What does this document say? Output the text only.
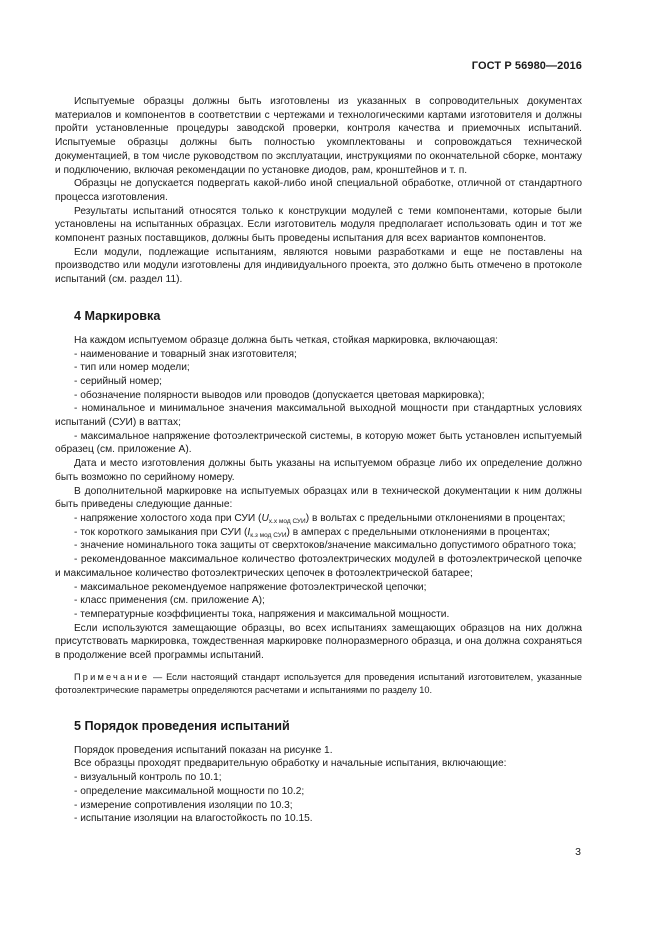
ГОСТ Р 56980—2016

Испытуемые образцы должны быть изготовлены из указанных в сопроводительных документах материалов и компонентов в соответствии с чертежами и технологическими картами изготовителя и должны пройти установленные процедуры заводской проверки, контроля качества и приемочных испытаний. Испытуемые образцы должны быть полностью укомплектованы и сопровождаться технической документацией, в том числе руководством по эксплуатации, инструкциями по окончательной сборке, монтажу и подключению, включая рекомендации по установке диодов, рам, кронштейнов и т. п.

Образцы не допускается подвергать какой-либо иной специальной обработке, отличной от стандартного процесса изготовления.

Результаты испытаний относятся только к конструкции модулей с теми компонентами, которые были установлены на испытанных образцах. Если изготовитель модуля предполагает использовать один и тот же компонент разных поставщиков, должны быть проведены испытания для всех вариантов компонентов.

Если модули, подлежащие испытаниям, являются новыми разработками и еще не поставлены на производство или модули изготовлены для индивидуального проекта, это должно быть отмечено в протоколе испытаний (см. раздел 11).

4 Маркировка

На каждом испытуемом образце должна быть четкая, стойкая маркировка, включающая:

- наименование и товарный знак изготовителя;

- тип или номер модели;

- серийный номер;

- обозначение полярности выводов или проводов (допускается цветовая маркировка);

- номинальное и минимальное значения максимальной выходной мощности при стандартных условиях испытаний (СУИ) в ваттах;

- максимальное напряжение фотоэлектрической системы, в которую может быть установлен испытуемый образец (см. приложение А).

Дата и место изготовления должны быть указаны на испытуемом образце либо их определение должно быть возможно по серийному номеру.

В дополнительной маркировке на испытуемых образцах или в технической документации к ним должны быть приведены следующие данные:

- напряжение холостого хода при СУИ $(U_{х.х мод СУИ})$ в вольтах с предельными отклонениями в процентах;

- ток короткого замыкания при СУИ $(I_{к.з мод СУИ})$ в амперах с предельными отклонениями в процентах;

- значение номинального тока защиты от сверхтоков/значение максимально допустимого обратного тока;

- рекомендованное максимальное количество фотоэлектрических модулей в фотоэлектрической цепочке и максимальное количество фотоэлектрических цепочек в фотоэлектрической батарее;

- максимальное рекомендуемое напряжение фотоэлектрической цепочки;

- класс применения (см. приложение А);

- температурные коэффициенты тока, напряжения и максимальной мощности.

Если используются замещающие образцы, во всех испытаниях замещающих образцов на них должна присутствовать маркировка, тождественная маркировке полноразмерного образца, и она должна сохраняться в продолжение всей программы испытаний.

Примечание — Если настоящий стандарт используется для проведения испытаний изготовителем, указанные фотоэлектрические параметры определяются расчетами и испытаниями по разделу 10.

5 Порядок проведения испытаний

Порядок проведения испытаний показан на рисунке 1.

Все образцы проходят предварительную обработку и начальные испытания, включающие:

- визуальный контроль по 10.1;

- определение максимальной мощности по 10.2;

- измерение сопротивления изоляции по 10.3;

- испытание изоляции на влагостойкость по 10.15.

3
